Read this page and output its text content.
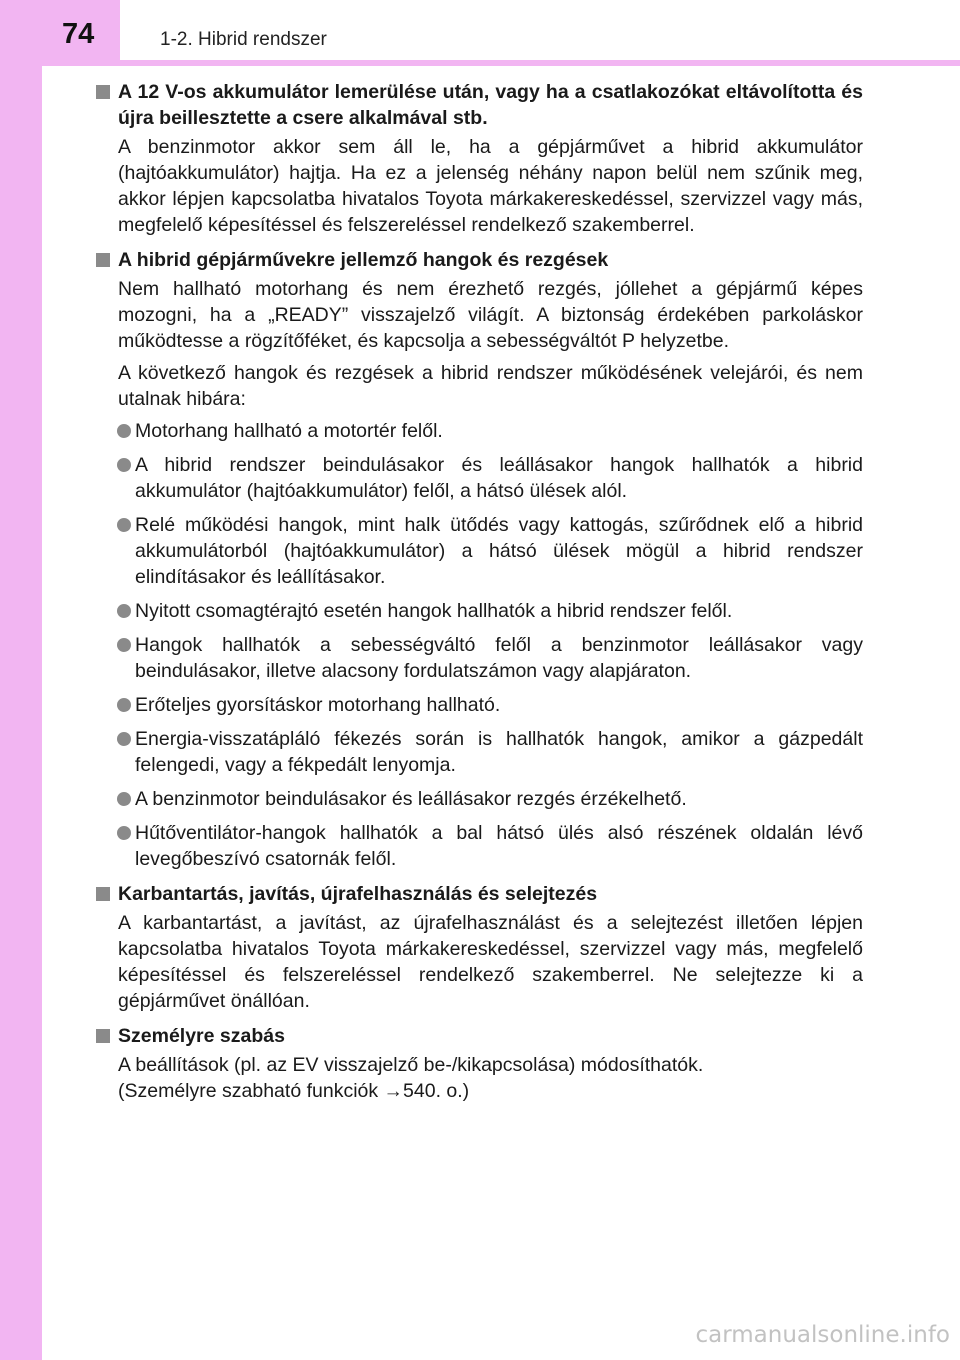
74	1-2. Hibrid rendszer
A 12 V-os akkumulátor lemerülése után, vagy ha a csatlakozókat eltávolította és újra beillesztette a csere alkalmával stb.
A benzinmotor akkor sem áll le, ha a gépjárművet a hibrid akkumulátor (hajtóakkumulátor) hajtja. Ha ez a jelenség néhány napon belül nem szűnik meg, akkor lépjen kapcsolatba hivatalos Toyota márkakereskedéssel, szervizzel vagy más, megfelelő képesítéssel és felszereléssel rendelkező szakemberrel.
A hibrid gépjárművekre jellemző hangok és rezgések
Nem hallható motorhang és nem érezhető rezgés, jóllehet a gépjármű képes mozogni, ha a „READY” visszajelző világít. A biztonság érdekében parkoláskor működtesse a rögzítőféket, és kapcsolja a sebességváltót P helyzetbe.
A következő hangok és rezgések a hibrid rendszer működésének velejárói, és nem utalnak hibára:
Motorhang hallható a motortér felől.
A hibrid rendszer beindulásakor és leállásakor hangok hallhatók a hibrid akkumulátor (hajtóakkumulátor) felől, a hátsó ülések alól.
Relé működési hangok, mint halk ütődés vagy kattogás, szűrődnek elő a hibrid akkumulátorból (hajtóakkumulátor) a hátsó ülések mögül a hibrid rendszer elindításakor és leállításakor.
Nyitott csomagtérajtó esetén hangok hallhatók a hibrid rendszer felől.
Hangok hallhatók a sebességváltó felől a benzinmotor leállásakor vagy beindulásakor, illetve alacsony fordulatszámon vagy alapjáraton.
Erőteljes gyorsításkor motorhang hallható.
Energia-visszatápláló fékezés során is hallhatók hangok, amikor a gázpedált felengedi, vagy a fékpedált lenyomja.
A benzinmotor beindulásakor és leállásakor rezgés érzékelhető.
Hűtőventilátor-hangok hallhatók a bal hátsó ülés alsó részének oldalán lévő levegőbeszívó csatornák felől.
Karbantartás, javítás, újrafelhasználás és selejtezés
A karbantartást, a javítást, az újrafelhasználást és a selejtezést illetően lépjen kapcsolatba hivatalos Toyota márkakereskedéssel, szervizzel vagy más, megfelelő képesítéssel és felszereléssel rendelkező szakemberrel. Ne selejtezze ki a gépjárművet önállóan.
Személyre szabás
A beállítások (pl. az EV visszajelző be-/kikapcsolása) módosíthatók.
(Személyre szabható funkciók →540. o.)
carmanualsonline.info
